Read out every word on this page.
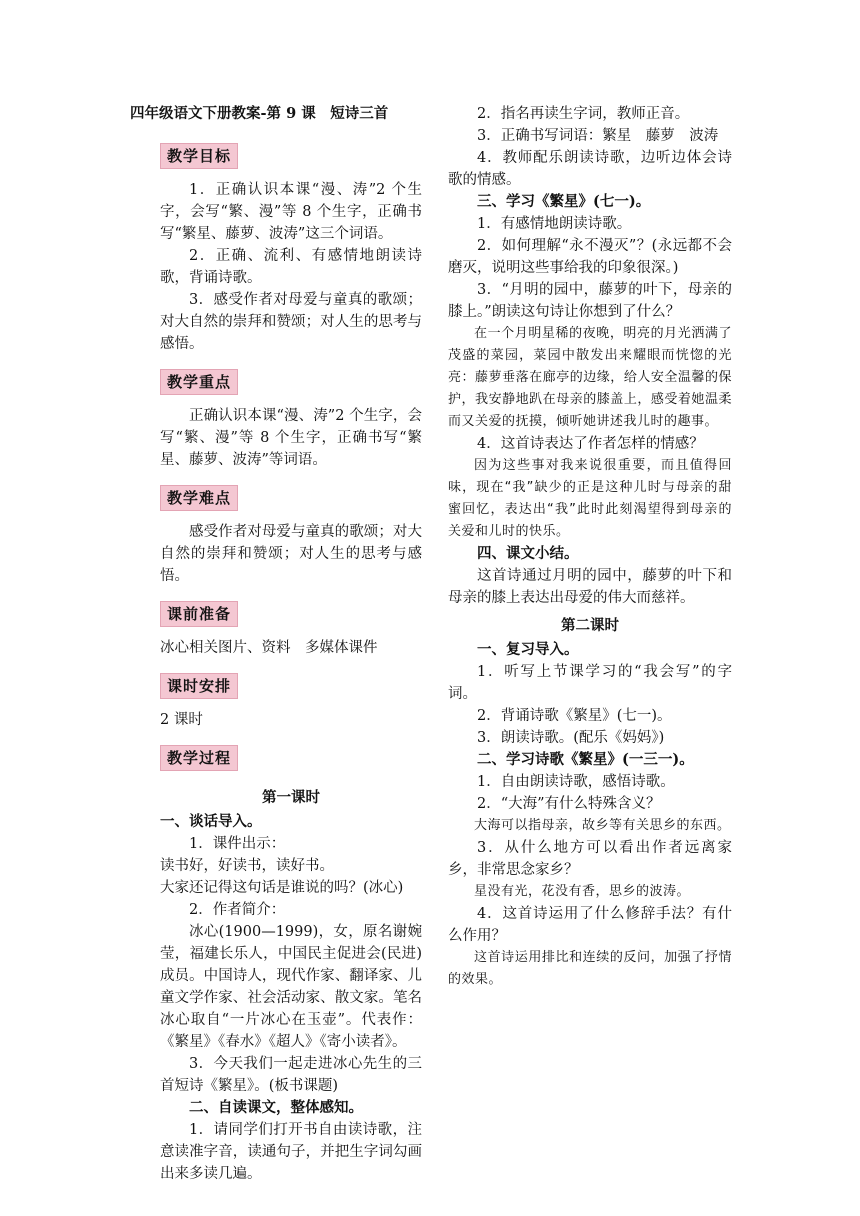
四年级语文下册教案-第 9 课　短诗三首

教学目标

1．正确认识本课“漫、涛”2 个生字，会写“繁、漫”等 8 个生字，正确书写“繁星、藤萝、波涛”这三个词语。

2．正确、流利、有感情地朗读诗歌，背诵诗歌。

3．感受作者对母爱与童真的歌颂；对大自然的崇拜和赞颂；对人生的思考与感悟。

教学重点

正确认识本课“漫、涛”2 个生字，会写“繁、漫”等 8 个生字，正确书写“繁星、藤萝、波涛”等词语。

教学难点

感受作者对母爱与童真的歌颂；对大自然的崇拜和赞颂；对人生的思考与感悟。

课前准备

冰心相关图片、资料　多媒体课件

课时安排

2 课时

教学过程

第一课时

一、谈话导入。

1．课件出示：

读书好，好读书，读好书。

大家还记得这句话是谁说的吗？(冰心)

2．作者简介：

冰心(1900—1999)，女，原名谢婉莹，福建长乐人，中国民主促进会(民进)成员。中国诗人，现代作家、翻译家、儿童文学作家、社会活动家、散文家。笔名冰心取自“一片冰心在玉壶”。代表作：《繁星》《春水》《超人》《寄小读者》。

3．今天我们一起走进冰心先生的三首短诗《繁星》。(板书课题)

二、自读课文，整体感知。

1．请同学们打开书自由读诗歌，注意读准字音，读通句子，并把生字词勾画出来多读几遍。

2．指名再读生字词，教师正音。

3．正确书写词语：繁星　藤萝　波涛

4．教师配乐朗读诗歌，边听边体会诗歌的情感。

三、学习《繁星》(七一)。

1．有感情地朗读诗歌。

2．如何理解“永不漫灭”？(永远都不会磨灭，说明这些事给我的印象很深。)

3．“月明的园中，藤萝的叶下，母亲的膝上。”朗读这句诗让你想到了什么？

在一个月明星稀的夜晚，明亮的月光洒满了茂盛的菜园，菜园中散发出来耀眼而恍惚的光亮：藤萝垂落在廊亭的边缘，给人安全温馨的保护，我安静地趴在母亲的膝盖上，感受着她温柔而又关爱的抚摸，倾听她讲述我儿时的趣事。

4．这首诗表达了作者怎样的情感？

因为这些事对我来说很重要，而且值得回味，现在“我”缺少的正是这种儿时与母亲的甜蜜回忆，表达出“我”此时此刻渴望得到母亲的关爱和儿时的快乐。

四、课文小结。

这首诗通过月明的园中，藤萝的叶下和母亲的膝上表达出母爱的伟大而慈祥。

第二课时

一、复习导入。

1．听写上节课学习的“我会写”的字词。

2．背诵诗歌《繁星》(七一)。

3．朗读诗歌。(配乐《妈妈》)

二、学习诗歌《繁星》(一三一)。

1．自由朗读诗歌，感悟诗歌。

2．“大海”有什么特殊含义？

大海可以指母亲，故乡等有关思乡的东西。

3．从什么地方可以看出作者远离家乡，非常思念家乡？

星没有光，花没有香，思乡的波涛。

4．这首诗运用了什么修辞手法？有什么作用？

这首诗运用排比和连续的反问，加强了抒情的效果。
